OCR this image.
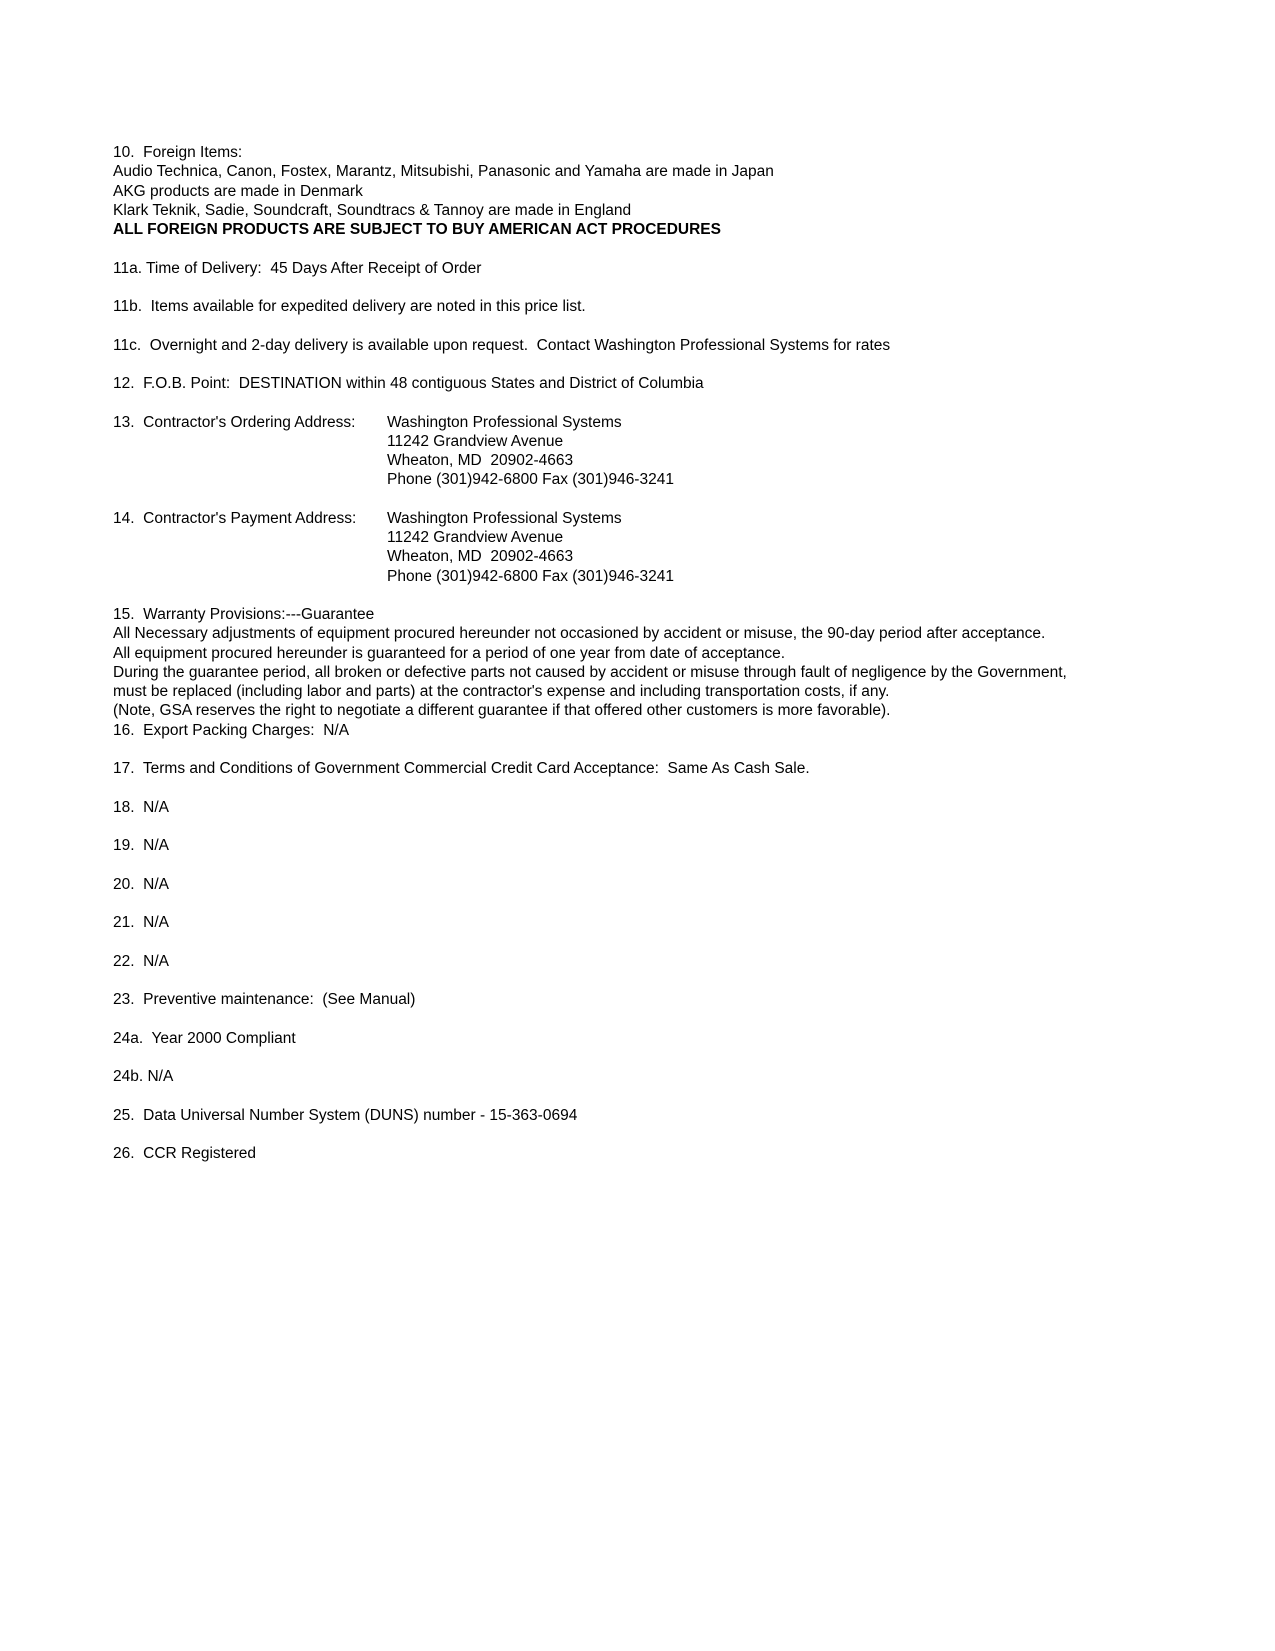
10.  Foreign Items:
Audio Technica, Canon, Fostex, Marantz, Mitsubishi, Panasonic and Yamaha are made in Japan
AKG products are made in Denmark
Klark Teknik, Sadie, Soundcraft, Soundtracs & Tannoy are made in England
ALL FOREIGN PRODUCTS ARE SUBJECT TO BUY AMERICAN ACT PROCEDURES

11a. Time of Delivery:  45 Days After Receipt of Order

11b.  Items available for expedited delivery are noted in this price list.

11c.  Overnight and 2-day delivery is available upon request.  Contact Washington Professional Systems for rates

12.  F.O.B. Point:  DESTINATION within 48 contiguous States and District of Columbia

13.  Contractor's Ordering Address: Washington Professional Systems
11242 Grandview Avenue
Wheaton, MD  20902-4663
Phone (301)942-6800 Fax (301)946-3241

14.  Contractor's Payment Address: Washington Professional Systems
11242 Grandview Avenue
Wheaton, MD  20902-4663
Phone (301)942-6800 Fax (301)946-3241

15.  Warranty Provisions:---Guarantee
All Necessary adjustments of equipment procured hereunder not occasioned by accident or misuse, the 90-day period after acceptance.
All equipment procured hereunder is guaranteed for a period of one year from date of acceptance.
During the guarantee period, all broken or defective parts not caused by accident or misuse through fault of negligence by the Government,
must be replaced (including labor and parts) at the contractor's expense and including transportation costs, if any.
(Note, GSA reserves the right to negotiate a different guarantee if that offered other customers is more favorable).
16.  Export Packing Charges:  N/A

17.  Terms and Conditions of Government Commercial Credit Card Acceptance:  Same As Cash Sale.

18.  N/A

19.  N/A

20.  N/A

21.  N/A

22.  N/A

23.  Preventive maintenance:  (See Manual)

24a.  Year 2000 Compliant

24b. N/A

25.  Data Universal Number System (DUNS) number - 15-363-0694

26.  CCR Registered
